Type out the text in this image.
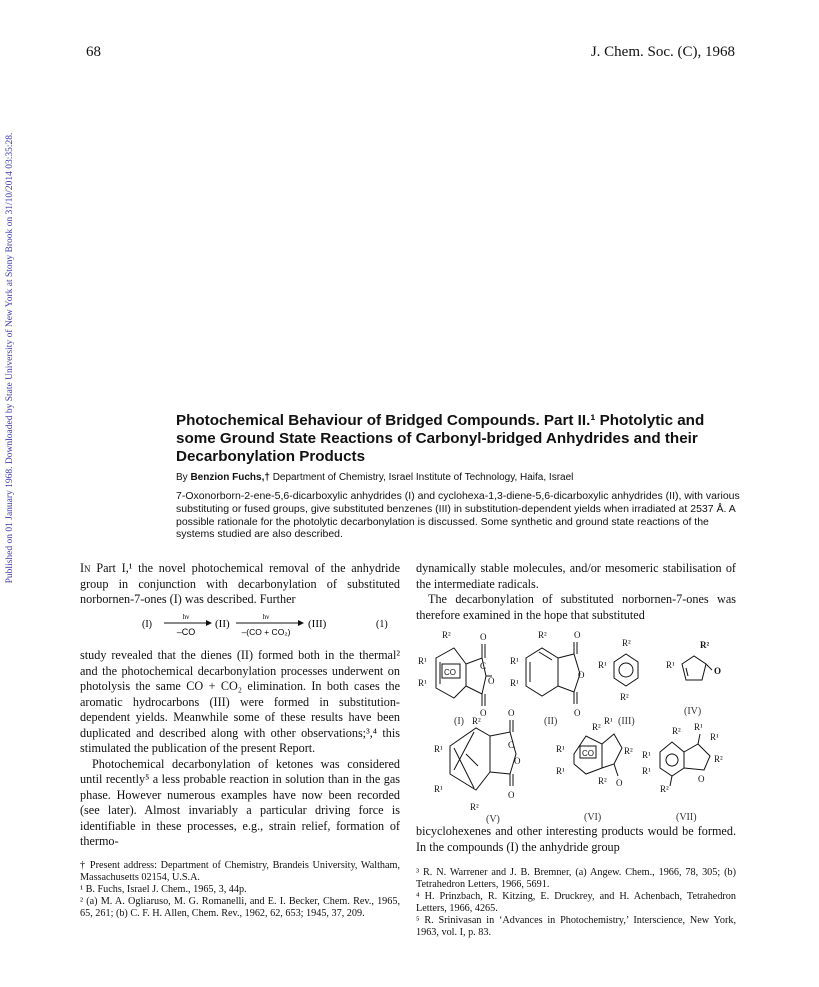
68	J. Chem. Soc. (C), 1968
Published on 01 January 1968. Downloaded by State University of New York at Stony Brook on 31/10/2014 03:35:28.	Photochemical Behaviour of Bridged Compounds. Part II.¹ Photolytic and some Ground State Reactions of Carbonyl-bridged Anhydrides and their Decarbonylation Products
By Benzion Fuchs,† Department of Chemistry, Israel Institute of Technology, Haifa, Israel
7-Oxonorborn-2-ene-5,6-dicarboxylic anhydrides (I) and cyclohexa-1,3-diene-5,6-dicarboxylic anhydrides (II), with various substituting or fused groups, give substituted benzenes (III) in substitution-dependent yields when irradiated at 2537 Å. A possible rationale for the photolytic decarbonylation is discussed. Some synthetic and ground state reactions of the systems studied are also described.

In Part I,¹ the novel photochemical removal of the anhydride group in conjunction with decarbonylation of substituted norbornen-7-ones (I) was described. Further

(I)
hν
–CO
(II)
hν
–(CO + CO₂)
(III)	(1)

study revealed that the dienes (II) formed both in the thermal² and the photochemical decarbonylation processes underwent on photolysis the same CO + CO₂ elimination. In both cases the aromatic hydrocarbons (III) were formed in substitution-dependent yields. Meanwhile some of these results have been duplicated and described along with other observations;³,⁴ this stimulated the publication of the present Report.

Photochemical decarbonylation of ketones was considered until recently⁵ a less probable reaction in solution than in the gas phase. However numerous examples have now been recorded (see later). Almost invariably a particular driving force is identifiable in these processes, e.g., strain relief, formation of thermo-

dynamically stable molecules, and/or mesomeric stabilisation of the intermediate radicals.

The decarbonylation of substituted norbornen-7-ones was therefore examined in the hope that substituted

R²
R¹
R¹
CO
O
C
O
O
R²
R¹
R¹
O
O
O
R²
R¹
R²
R²
R¹
O
R¹
R¹
R²
R²
O
C
O
O
R¹
R¹
R²
R¹
CO	R²
R² O
R² R¹
R¹
R²
R¹
R¹
R²
O
(I)	(II)	(III)
(IV)
(V)	(VI)	(VII)

bicyclohexenes and other interesting products would be formed. In the compounds (I) the anhydride group

† Present address: Department of Chemistry, Brandeis University, Waltham, Massachusetts 02154, U.S.A.

¹ B. Fuchs, Israel J. Chem., 1965, 3, 44p.

² (a) M. A. Ogliaruso, M. G. Romanelli, and E. I. Becker, Chem. Rev., 1965, 65, 261; (b) C. F. H. Allen, Chem. Rev., 1962, 62, 653; 1945, 37, 209.

³ R. N. Warrener and J. B. Bremner, (a) Angew. Chem., 1966, 78, 305; (b) Tetrahedron Letters, 1966, 5691.

⁴ H. Prinzbach, R. Kitzing, E. Druckrey, and H. Achenbach, Tetrahedron Letters, 1966, 4265.

⁵ R. Srinivasan in ‘Advances in Photochemistry,’ Interscience, New York, 1963, vol. I, p. 83.
